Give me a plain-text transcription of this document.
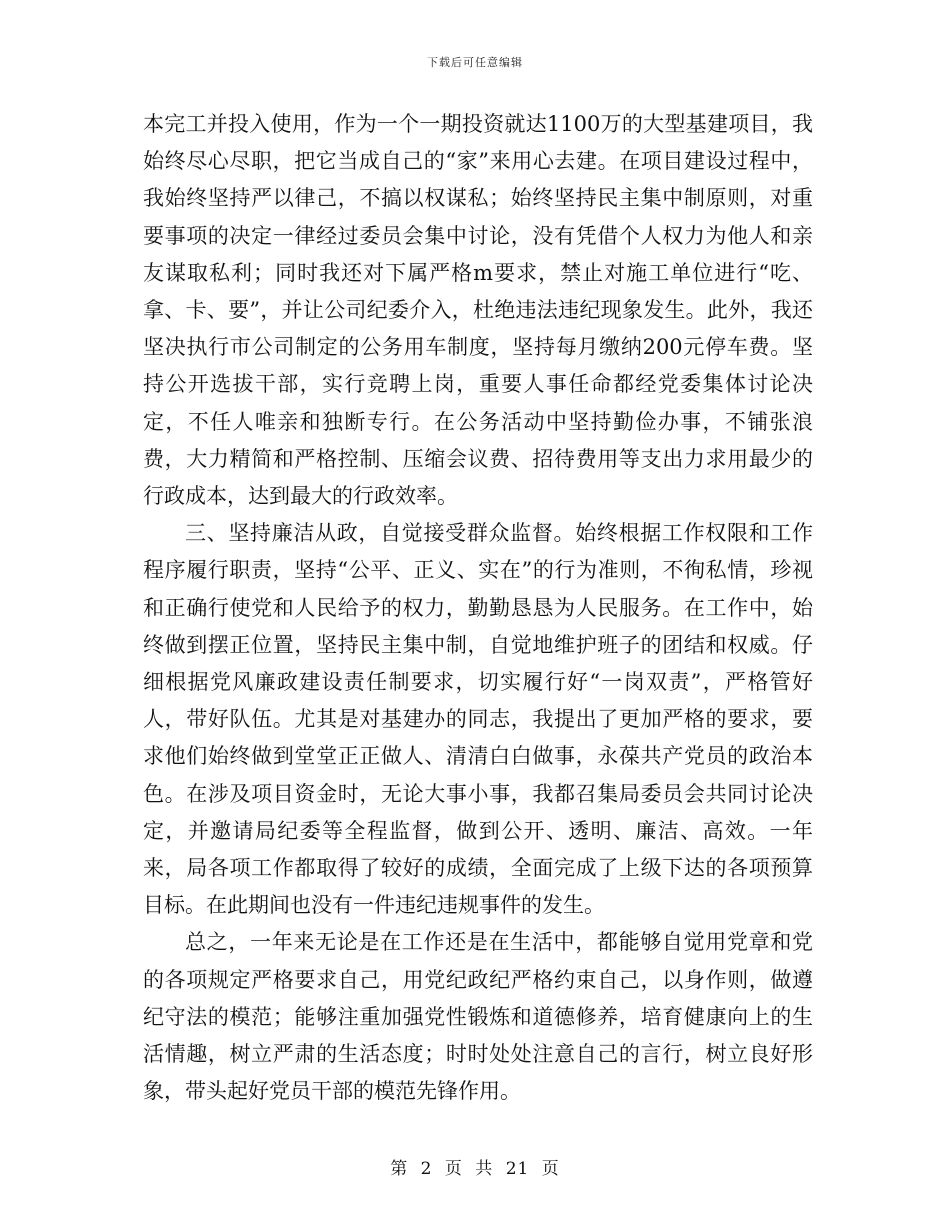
下载后可任意编辑

本完工并投入使用，作为一个一期投资就达1100万的大型基建项目，我始终尽心尽职，把它当成自己的“家”来用心去建。在项目建设过程中，我始终坚持严以律己，不搞以权谋私；始终坚持民主集中制原则，对重要事项的决定一律经过委员会集中讨论，没有凭借个人权力为他人和亲友谋取私利；同时我还对下属严格m要求，禁止对施工单位进行“吃、拿、卡、要”，并让公司纪委介入，杜绝违法违纪现象发生。此外，我还坚决执行市公司制定的公务用车制度，坚持每月缴纳200元停车费。坚持公开选拔干部，实行竞聘上岗，重要人事任命都经党委集体讨论决定，不任人唯亲和独断专行。在公务活动中坚持勤俭办事，不铺张浪费，大力精简和严格控制、压缩会议费、招待费用等支出力求用最少的行政成本，达到最大的行政效率。

三、坚持廉洁从政，自觉接受群众监督。始终根据工作权限和工作程序履行职责，坚持“公平、正义、实在”的行为准则，不徇私情，珍视和正确行使党和人民给予的权力，勤勤恳恳为人民服务。在工作中，始终做到摆正位置，坚持民主集中制，自觉地维护班子的团结和权威。仔细根据党风廉政建设责任制要求，切实履行好“一岗双责”，严格管好人，带好队伍。尤其是对基建办的同志，我提出了更加严格的要求，要求他们始终做到堂堂正正做人、清清白白做事，永葆共产党员的政治本色。在涉及项目资金时，无论大事小事，我都召集局委员会共同讨论决定，并邀请局纪委等全程监督，做到公开、透明、廉洁、高效。一年来，局各项工作都取得了较好的成绩，全面完成了上级下达的各项预算目标。在此期间也没有一件违纪违规事件的发生。

总之，一年来无论是在工作还是在生活中，都能够自觉用党章和党的各项规定严格要求自己，用党纪政纪严格约束自己，以身作则，做遵纪守法的模范；能够注重加强党性锻炼和道德修养，培育健康向上的生活情趣，树立严肃的生活态度；时时处处注意自己的言行，树立良好形象，带头起好党员干部的模范先锋作用。

第 2 页 共 21 页
